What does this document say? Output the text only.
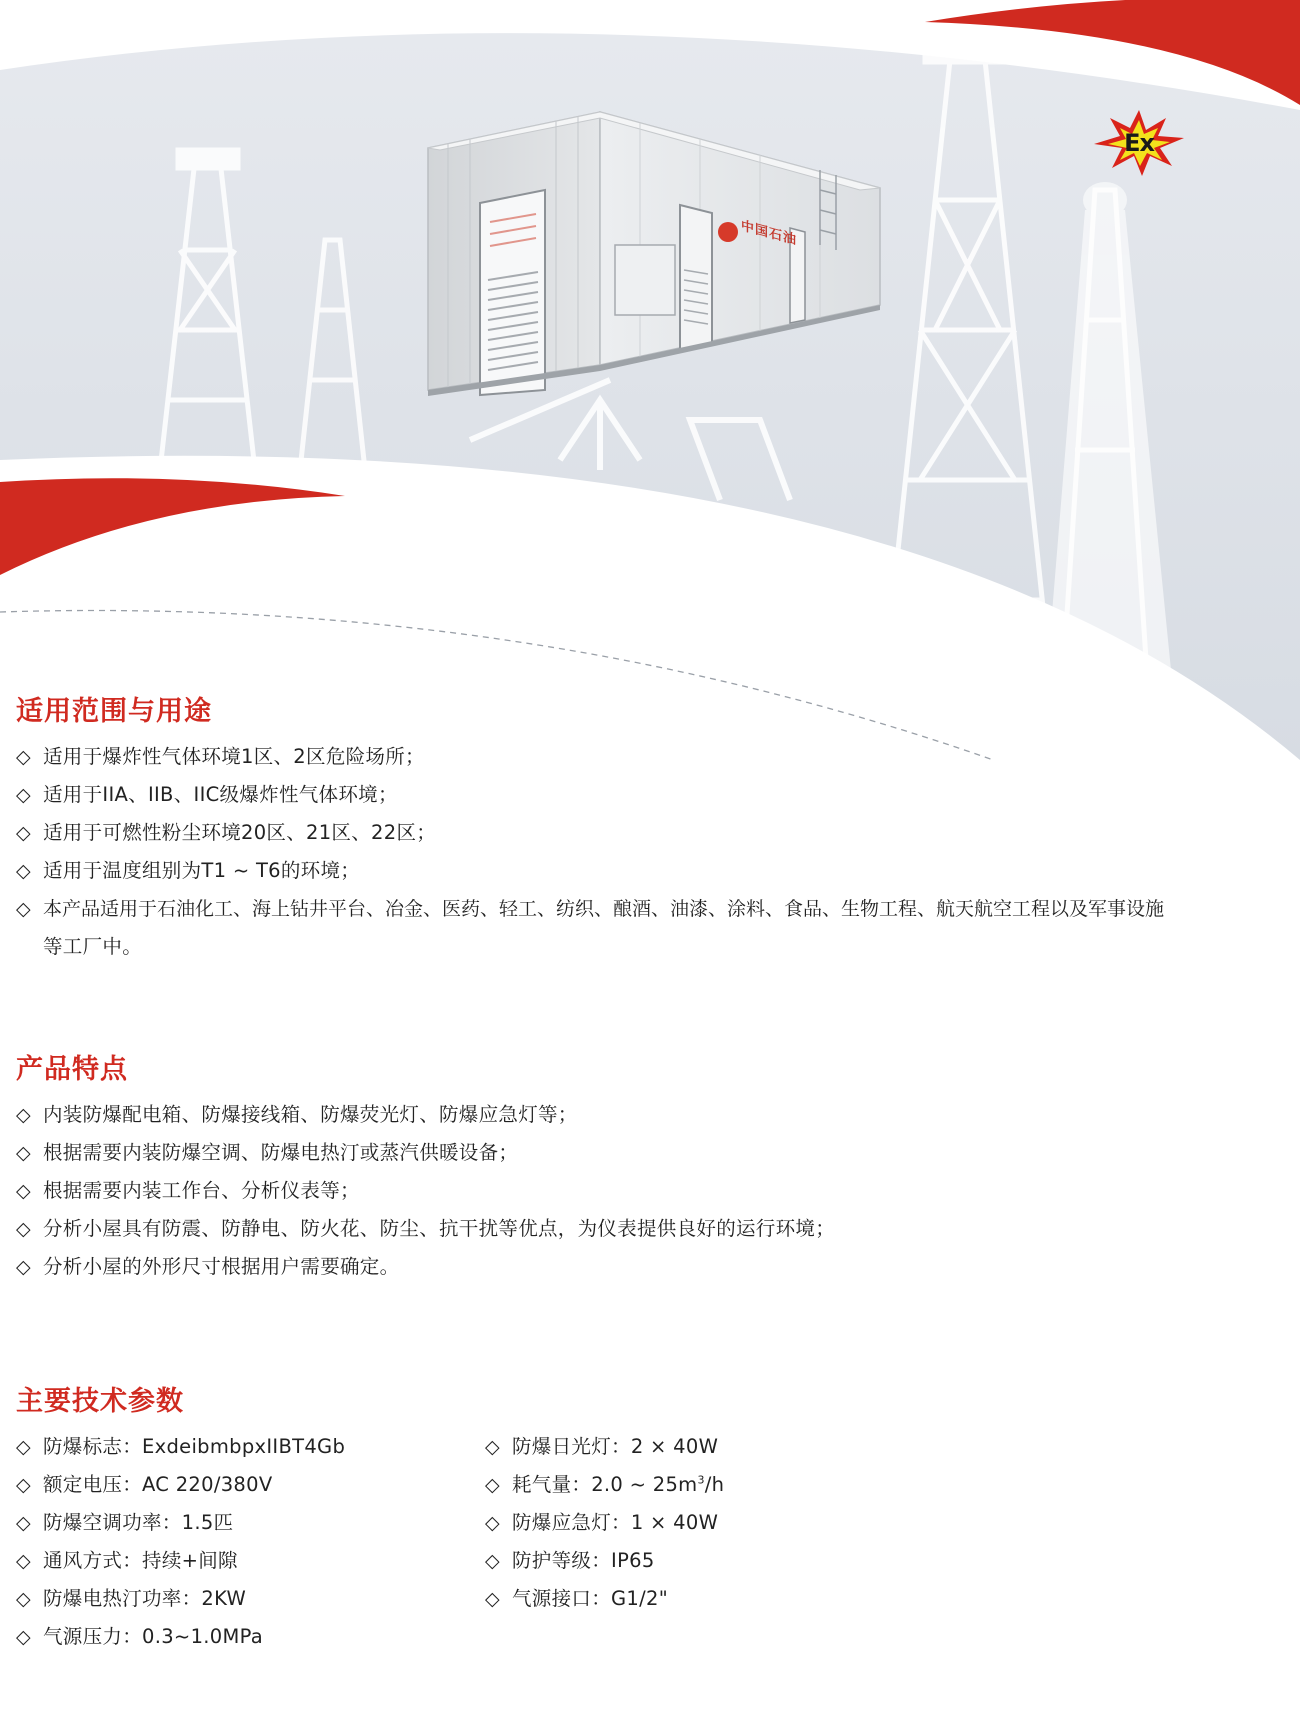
Ex
适用范围与用途
◇ 适用于爆炸性气体环境1区、2区危险场所；
◇ 适用于IIA、IIB、IIC级爆炸性气体环境；
◇ 适用于可燃性粉尘环境20区、21区、22区；
◇ 适用于温度组别为T1 ~ T6的环境；
◇ 本产品适用于石油化工、海上钻井平台、冶金、医药、轻工、纺织、酿酒、油漆、涂料、食品、生物工程、航天航空工程以及军事设施
等工厂中。
产品特点
◇ 内装防爆配电箱、防爆接线箱、防爆荧光灯、防爆应急灯等；
◇ 根据需要内装防爆空调、防爆电热汀或蒸汽供暖设备；
◇ 根据需要内装工作台、分析仪表等；
◇ 分析小屋具有防震、防静电、防火花、防尘、抗干扰等优点，为仪表提供良好的运行环境；
◇ 分析小屋的外形尺寸根据用户需要确定。
主要技术参数
◇ 防爆标志：ExdeibmbpxIIBT4Gb
◇ 额定电压：AC 220/380V
◇ 防爆空调功率：1.5匹
◇ 通风方式：持续+间隙
◇ 防爆电热汀功率：2KW
◇ 气源压力：0.3~1.0MPa
◇ 防爆日光灯：2 × 40W
◇ 耗气量：2.0 ~ $25m^3/h$
◇ 防爆应急灯：1 × 40W
◇ 防护等级：IP65
◇ 气源接口：G1/2"
中国石油
